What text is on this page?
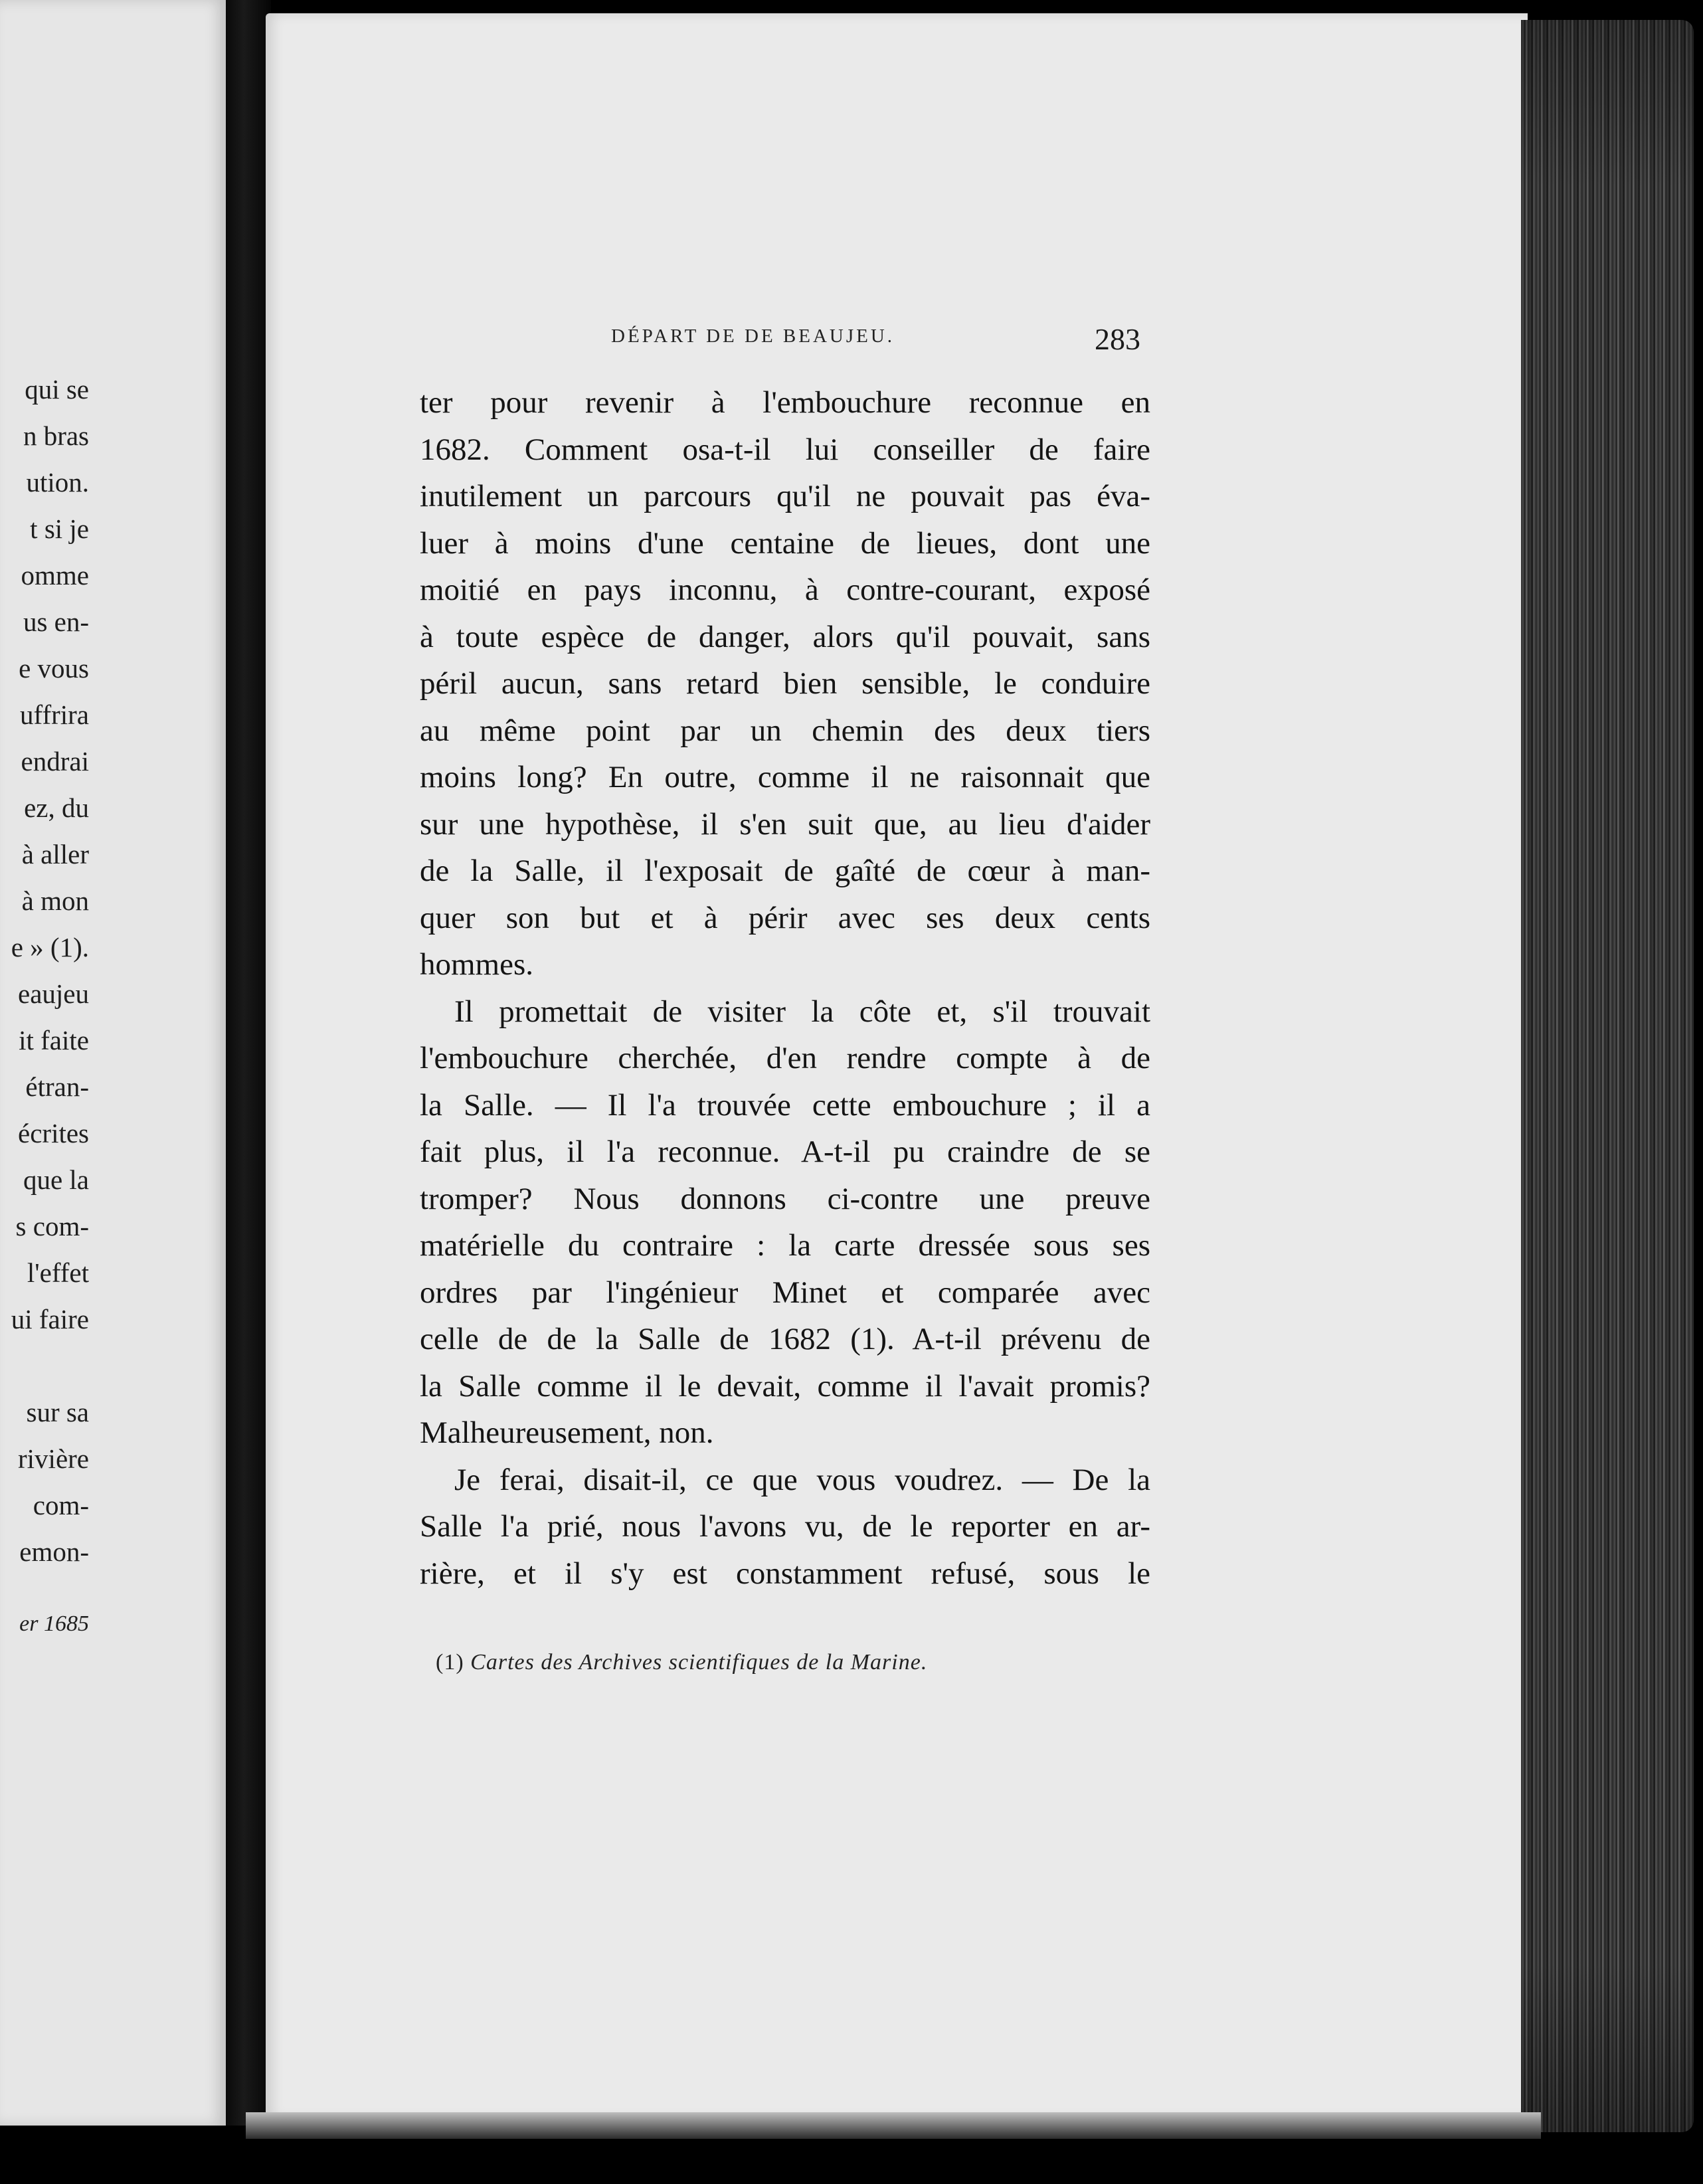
qui se
n bras
ution.
t si je
omme
us en-
e vous
uffrira
endrai
ez, du
à aller
à mon
e » (1).
eaujeu
it faite
étran-
écrites
que la
s com-
l'effet
ui faire
sur sa
rivière
com-
emon-
er 1685
DÉPART DE DE BEAUJEU.	283
ter pour revenir à l'embouchure reconnue en
1682. Comment osa-t-il lui conseiller de faire
inutilement un parcours qu'il ne pouvait pas éva-
luer à moins d'une centaine de lieues, dont une
moitié en pays inconnu, à contre-courant, exposé
à toute espèce de danger, alors qu'il pouvait, sans
péril aucun, sans retard bien sensible, le conduire
au même point par un chemin des deux tiers
moins long? En outre, comme il ne raisonnait que
sur une hypothèse, il s'en suit que, au lieu d'aider
de la Salle, il l'exposait de gaîté de cœur à man-
quer son but et à périr avec ses deux cents
hommes.
Il promettait de visiter la côte et, s'il trouvait
l'embouchure cherchée, d'en rendre compte à de
la Salle. — Il l'a trouvée cette embouchure ; il a
fait plus, il l'a reconnue. A-t-il pu craindre de se
tromper? Nous donnons ci-contre une preuve
matérielle du contraire : la carte dressée sous ses
ordres par l'ingénieur Minet et comparée avec
celle de de la Salle de 1682 (1). A-t-il prévenu de
la Salle comme il le devait, comme il l'avait promis?
Malheureusement, non.
Je ferai, disait-il, ce que vous voudrez. — De la
Salle l'a prié, nous l'avons vu, de le reporter en ar-
rière, et il s'y est constamment refusé, sous le
(1) Cartes des Archives scientifiques de la Marine.
